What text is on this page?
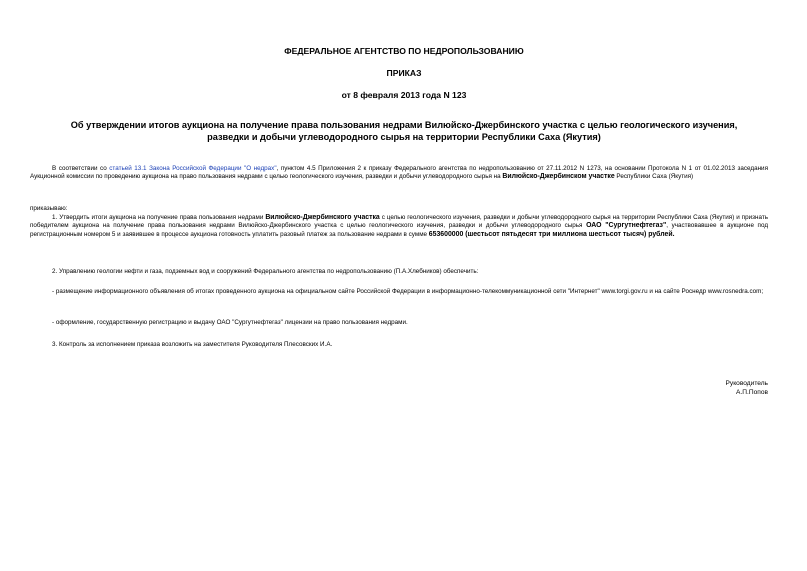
ФЕДЕРАЛЬНОЕ АГЕНТСТВО ПО НЕДРОПОЛЬЗОВАНИЮ
ПРИКАЗ
от 8 февраля 2013 года N 123
Об утверждении итогов аукциона на получение права пользования недрами Вилюйско-Джербинского участка с целью геологического изучения, разведки и добычи углеводородного сырья на территории Республики Саха (Якутия)
В соответствии со статьей 13.1 Закона Российской Федерации "О недрах", пунктом 4.5 Приложения 2 к приказу Федерального агентства по недропользованию от 27.11.2012 N 1273, на основании Протокола N 1 от 01.02.2013 заседания Аукционной комиссии по проведению аукциона на право пользования недрами с целью геологического изучения, разведки и добычи углеводородного сырья на Вилюйско-Джербинском участке Республики Саха (Якутия)
приказываю:
1. Утвердить итоги аукциона на получение права пользования недрами Вилюйско-Джербинского участка с целью геологического изучения, разведки и добычи углеводородного сырья на территории Республики Саха (Якутия) и признать победителем аукциона на получение права пользования недрами Вилюйско-Джербинского участка с целью геологического изучения, разведки и добычи углеводородного сырья ОАО "Сургутнефтегаз", участвовавшее в аукционе под регистрационным номером 5 и заявившее в процессе аукциона готовность уплатить разовый платеж за пользование недрами в сумме 653600000 (шестьсот пятьдесят три миллиона шестьсот тысяч) рублей.
2. Управлению геологии нефти и газа, подземных вод и сооружений Федерального агентства по недропользованию (П.А.Хлебников) обеспечить:
- размещение информационного объявления об итогах проведенного аукциона на официальном сайте Российской Федерации в информационно-телекоммуникационной сети "Интернет" www.torgi.gov.ru и на сайте Роснедр www.rosnedra.com;
- оформление, государственную регистрацию и выдачу ОАО "Сургутнефтегаз" лицензии на право пользования недрами.
3. Контроль за исполнением приказа возложить на заместителя Руководителя Плесовских И.А.
Руководитель
А.П.Попов
